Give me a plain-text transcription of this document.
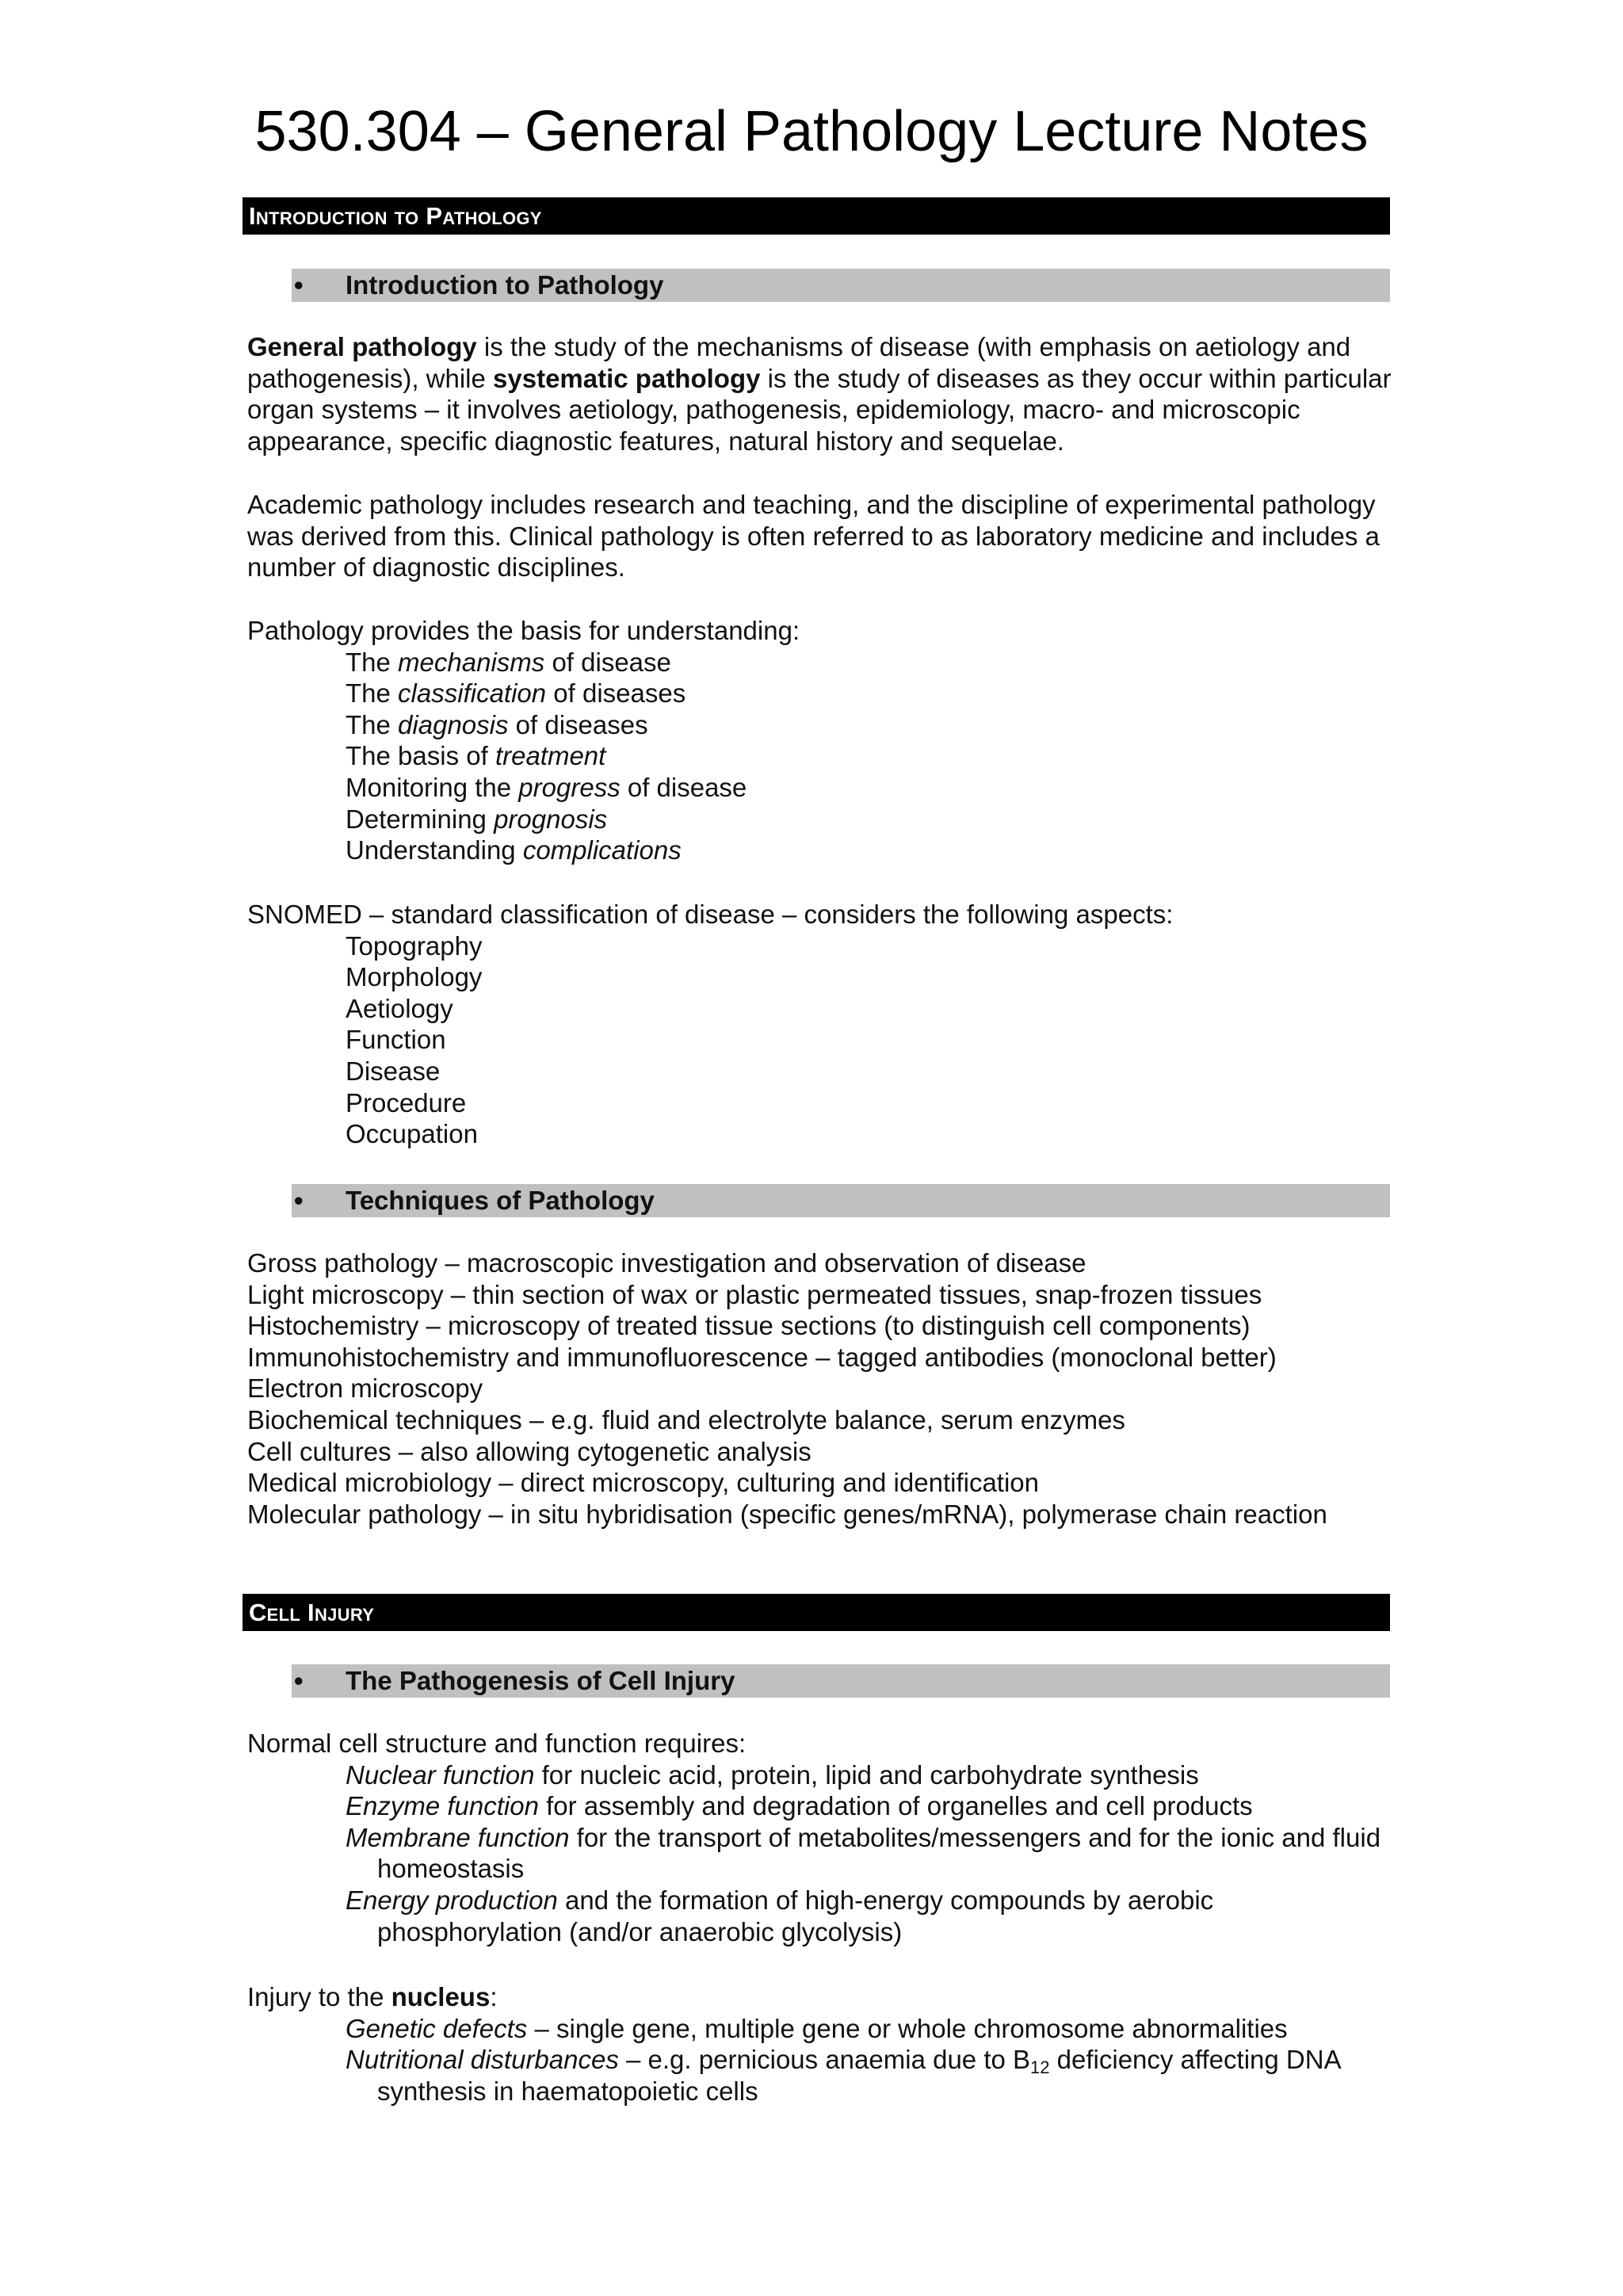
530.304 – General Pathology Lecture Notes
Introduction to Pathology
•	Introduction to Pathology

General pathology is the study of the mechanisms of disease (with emphasis on aetiology and pathogenesis), while systematic pathology is the study of diseases as they occur within particular organ systems – it involves aetiology, pathogenesis, epidemiology, macro- and microscopic appearance, specific diagnostic features, natural history and sequelae.

Academic pathology includes research and teaching, and the discipline of experimental pathology was derived from this. Clinical pathology is often referred to as laboratory medicine and includes a number of diagnostic disciplines.

Pathology provides the basis for understanding:

The mechanisms of disease

The classification of diseases

The diagnosis of diseases

The basis of treatment

Monitoring the progress of disease

Determining prognosis

Understanding complications

SNOMED – standard classification of disease – considers the following aspects:

Topography

Morphology

Aetiology

Function

Disease

Procedure

Occupation

•	Techniques of Pathology

Gross pathology – macroscopic investigation and observation of disease

Light microscopy – thin section of wax or plastic permeated tissues, snap-frozen tissues

Histochemistry – microscopy of treated tissue sections (to distinguish cell components)

Immunohistochemistry and immunofluorescence – tagged antibodies (monoclonal better)

Electron microscopy

Biochemical techniques – e.g. fluid and electrolyte balance, serum enzymes

Cell cultures – also allowing cytogenetic analysis

Medical microbiology – direct microscopy, culturing and identification

Molecular pathology – in situ hybridisation (specific genes/mRNA), polymerase chain reaction

Cell Injury
•	The Pathogenesis of Cell Injury

Normal cell structure and function requires:

Nuclear function for nucleic acid, protein, lipid and carbohydrate synthesis

Enzyme function for assembly and degradation of organelles and cell products

Membrane function for the transport of metabolites/messengers and for the ionic and fluid homeostasis

Energy production and the formation of high-energy compounds by aerobic phosphorylation (and/or anaerobic glycolysis)

Injury to the nucleus:

Genetic defects – single gene, multiple gene or whole chromosome abnormalities

Nutritional disturbances – e.g. pernicious anaemia due to $B_{12}$ deficiency affecting DNA synthesis in haematopoietic cells
